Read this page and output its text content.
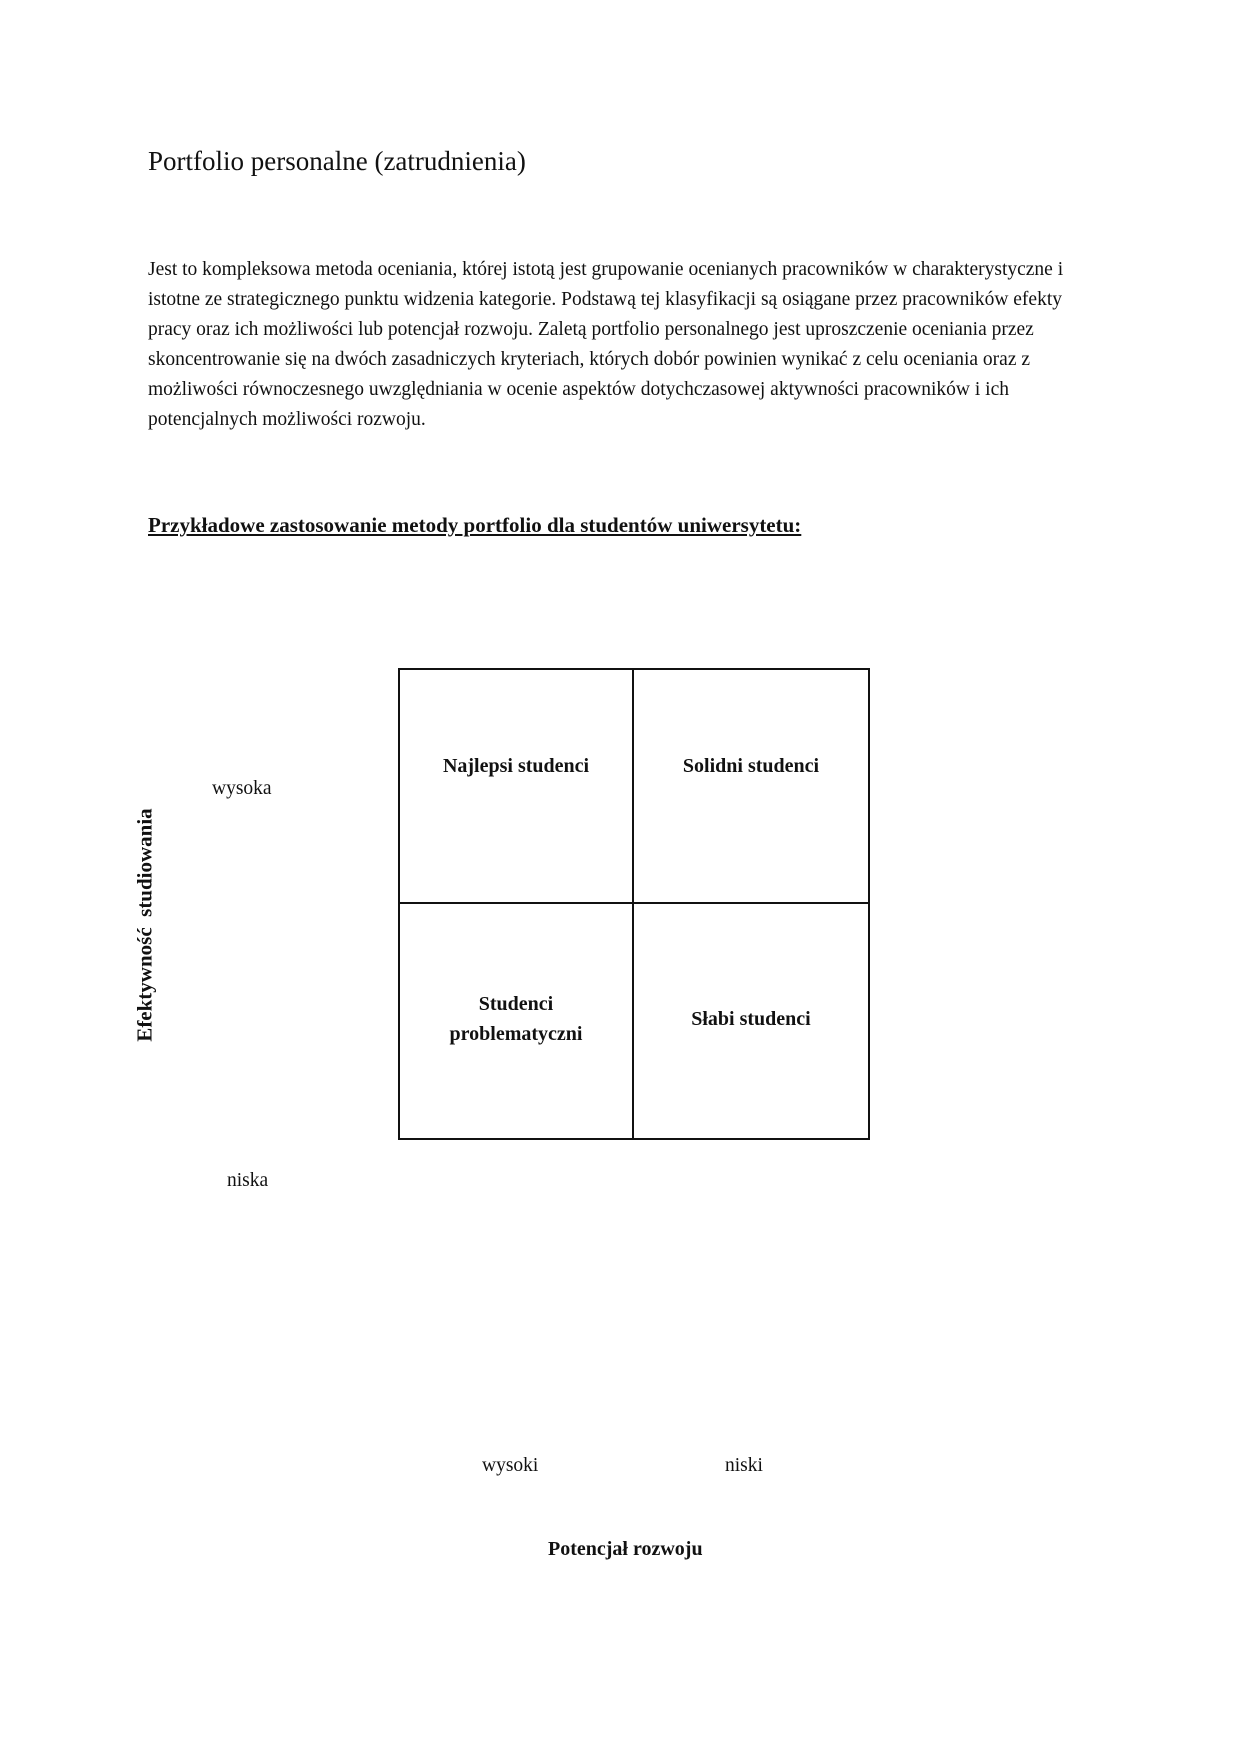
Portfolio personalne (zatrudnienia)

Jest to kompleksowa metoda oceniania, której istotą jest grupowanie ocenianych pracowników w charakterystyczne i istotne ze strategicznego punktu widzenia kategorie. Podstawą tej klasyfikacji są osiągane przez pracowników efekty pracy oraz ich możliwości lub potencjał rozwoju. Zaletą portfolio personalnego jest uproszczenie oceniania przez skoncentrowanie się na dwóch zasadniczych kryteriach, których dobór powinien wynikać z celu oceniania oraz z możliwości równoczesnego uwzględniania w ocenie aspektów dotychczasowej aktywności pracowników i ich potencjalnych możliwości rozwoju.

Przykładowe zastosowanie metody portfolio dla studentów uniwersytetu:
Najlepsi studenci	Solidni studenci
Studenci problematyczni
Słabi studenci
wysoka
niska
Efektywność  studiowania
wysoki	niski
Potencjał rozwoju
